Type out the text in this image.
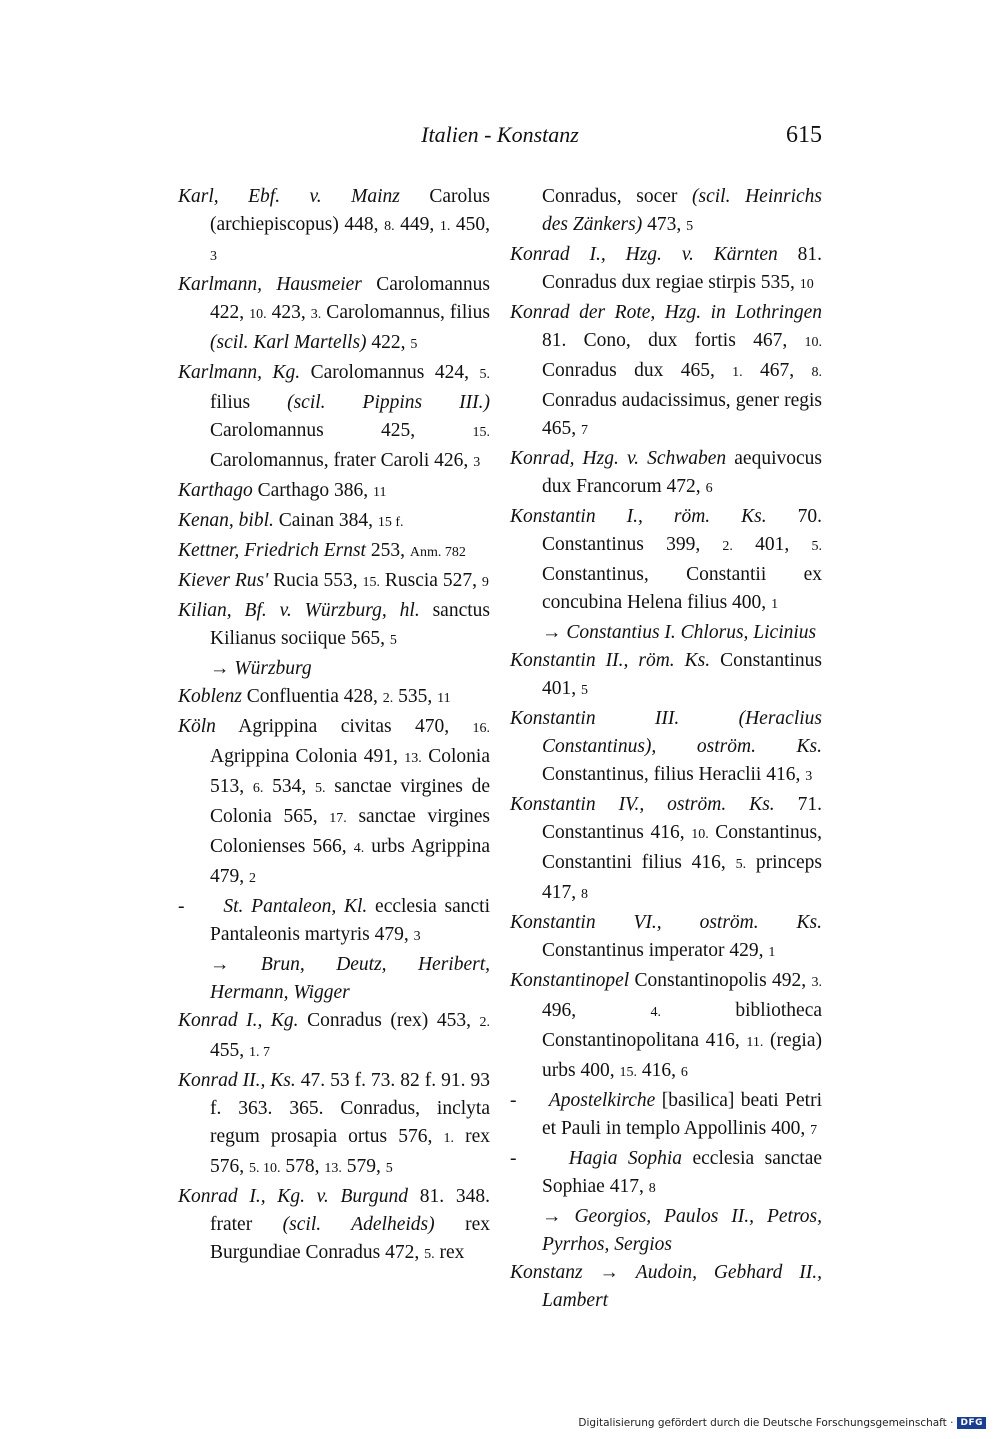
Italien - Konstanz	615

Karl, Ebf. v. Mainz Carolus (archiepiscopus) 448, 8. 449, 1. 450, 3

Karlmann, Hausmeier Carolomannus 422, 10. 423, 3. Carolomannus, filius (scil. Karl Martells) 422, 5

Karlmann, Kg. Carolomannus 424, 5. filius (scil. Pippins III.) Carolomannus 425, 15. Carolomannus, frater Caroli 426, 3

Karthago Carthago 386, 11

Kenan, bibl. Cainan 384, 15 f.

Kettner, Friedrich Ernst 253, Anm. 782

Kiever Rus' Rucia 553, 15. Ruscia 527, 9

Kilian, Bf. v. Würzburg, hl. sanctus Kilianus sociique 565, 5

→ Würzburg

Koblenz Confluentia 428, 2. 535, 11

Köln Agrippina civitas 470, 16. Agrippina Colonia 491, 13. Colonia 513, 6. 534, 5. sanctae virgines de Colonia 565, 17. sanctae virgines Colonienses 566, 4. urbs Agrippina 479, 2

- St. Pantaleon, Kl. ecclesia sancti Pantaleonis martyris 479, 3

→ Brun, Deutz, Heribert, Hermann, Wigger

Konrad I., Kg. Conradus (rex) 453, 2. 455, 1. 7

Konrad II., Ks. 47. 53 f. 73. 82 f. 91. 93 f. 363. 365. Conradus, inclyta regum prosapia ortus 576, 1. rex 576, 5. 10. 578, 13. 579, 5

Konrad I., Kg. v. Burgund 81. 348. frater (scil. Adelheids) rex Burgundiae Conradus 472, 5. rex

Conradus, socer (scil. Heinrichs des Zänkers) 473, 5

Konrad I., Hzg. v. Kärnten 81. Conradus dux regiae stirpis 535, 10

Konrad der Rote, Hzg. in Lothringen 81. Cono, dux fortis 467, 10. Conradus dux 465, 1. 467, 8. Conradus audacissimus, gener regis 465, 7

Konrad, Hzg. v. Schwaben aequivocus dux Francorum 472, 6

Konstantin I., röm. Ks. 70. Constantinus 399, 2. 401, 5. Constantinus, Constantii ex concubina Helena filius 400, 1

→ Constantius I. Chlorus, Licinius

Konstantin II., röm. Ks. Constantinus 401, 5

Konstantin III. (Heraclius Constantinus), oström. Ks. Constantinus, filius Heraclii 416, 3

Konstantin IV., oström. Ks. 71. Constantinus 416, 10. Constantinus, Constantini filius 416, 5. princeps 417, 8

Konstantin VI., oström. Ks. Constantinus imperator 429, 1

Konstantinopel Constantinopolis 492, 3. 496, 4. bibliotheca Constantinopolitana 416, 11. (regia) urbs 400, 15. 416, 6

- Apostelkirche [basilica] beati Petri et Pauli in templo Appollinis 400, 7

-	Hagia Sophia ecclesia sanctae Sophiae 417, 8

→ Georgios, Paulos II., Petros, Pyrrhos, Sergios

Konstanz → Audoin, Gebhard II., Lambert

Digitalisierung gefördert durch die Deutsche Forschungsgemeinschaft · DFG
